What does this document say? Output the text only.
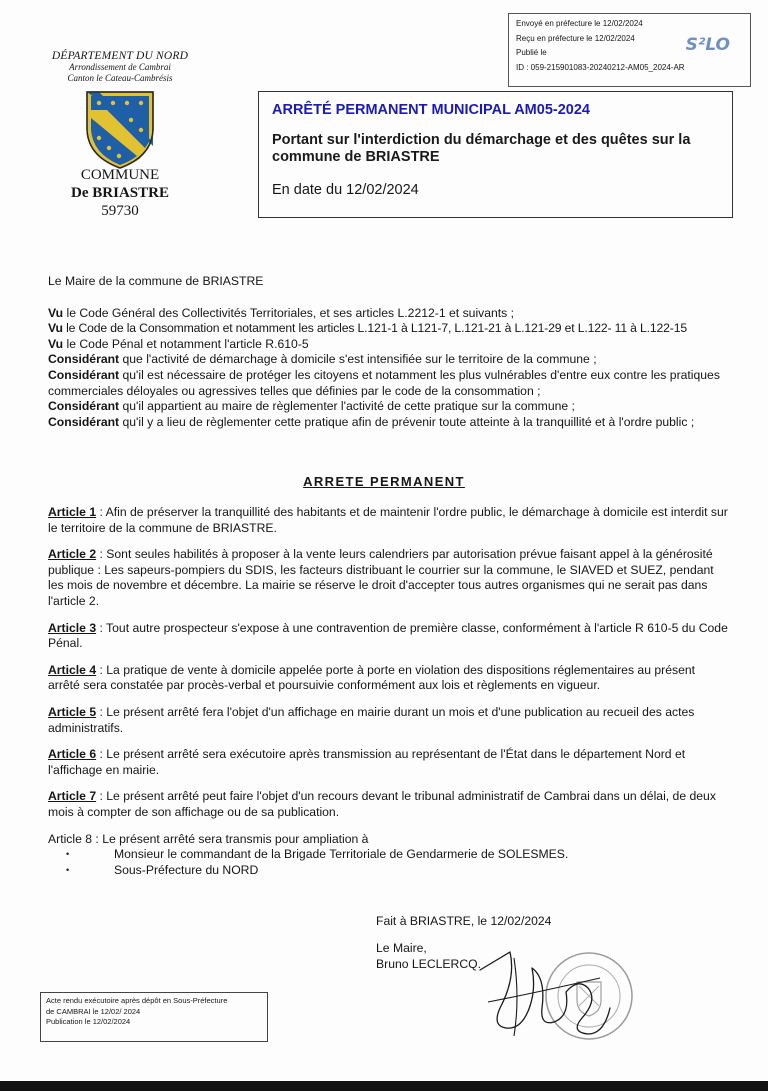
Envoyé en préfecture le 12/02/2024
Reçu en préfecture le 12/02/2024
Publié le
ID : 059-215901083-20240212-AM05_2024-AR
S²LO
DÉPARTEMENT DU NORD
Arrondissement de Cambrai
Canton le Cateau-Cambrésis
COMMUNE
De BRIASTRE
59730
ARRÊTÉ PERMANENT MUNICIPAL AM05-2024
Portant sur l'interdiction du démarchage et des quêtes sur la commune de BRIASTRE
En date du 12/02/2024

Le Maire de la commune de BRIASTRE

Vu le Code Général des Collectivités Territoriales, et ses articles L.2212-1 et suivants ;

Vu le Code de la Consommation et notamment les articles L.121-1 à L121-7, L.121-21 à L.121-29 et L.122- 11 à L.122-15

Vu le Code Pénal et notamment l'article R.610-5

Considérant que l'activité de démarchage à domicile s'est intensifiée sur le territoire de la commune ;

Considérant qu'il est nécessaire de protéger les citoyens et notamment les plus vulnérables d'entre eux contre les pratiques commerciales déloyales ou agressives telles que définies par le code de la consommation ;

Considérant qu'il appartient au maire de règlementer l'activité de cette pratique sur la commune ;

Considérant qu'il y a lieu de règlementer cette pratique afin de prévenir toute atteinte à la tranquillité et à l'ordre public ;

ARRETE PERMANENT
Article 1 : Afin de préserver la tranquillité des habitants et de maintenir l'ordre public, le démarchage à domicile est interdit sur le territoire de la commune de BRIASTRE.
Article 2 : Sont seules habilités à proposer à la vente leurs calendriers par autorisation prévue faisant appel à la générosité publique : Les sapeurs-pompiers du SDIS, les facteurs distribuant le courrier sur la commune, le SIAVED et SUEZ, pendant les mois de novembre et décembre. La mairie se réserve le droit d'accepter tous autres organismes qui ne serait pas dans l'article 2.
Article 3 : Tout autre prospecteur s'expose à une contravention de première classe, conformément à l'article R 610-5 du Code Pénal.
Article 4 : La pratique de vente à domicile appelée porte à porte en violation des dispositions réglementaires au présent arrêté sera constatée par procès-verbal et poursuivie conformément aux lois et règlements en vigueur.
Article 5 : Le présent arrêté fera l'objet d'un affichage en mairie durant un mois et d'une publication au recueil des actes administratifs.
Article 6 : Le présent arrêté sera exécutoire après transmission au représentant de l'État dans le département Nord et l'affichage en mairie.
Article 7 : Le présent arrêté peut faire l'objet d'un recours devant le tribunal administratif de Cambrai dans un délai, de deux mois à compter de son affichage ou de sa publication.
Article 8 : Le présent arrêté sera transmis pour ampliation à
• Monsieur le commandant de la Brigade Territoriale de Gendarmerie de SOLESMES.
• Sous-Préfecture du NORD
Fait à BRIASTRE, le 12/02/2024
Le Maire,
Bruno LECLERCQ.
Acte rendu exécutoire après dépôt en Sous-Préfecture
de CAMBRAI le 12/02/ 2024
Publication le 12/02/2024
